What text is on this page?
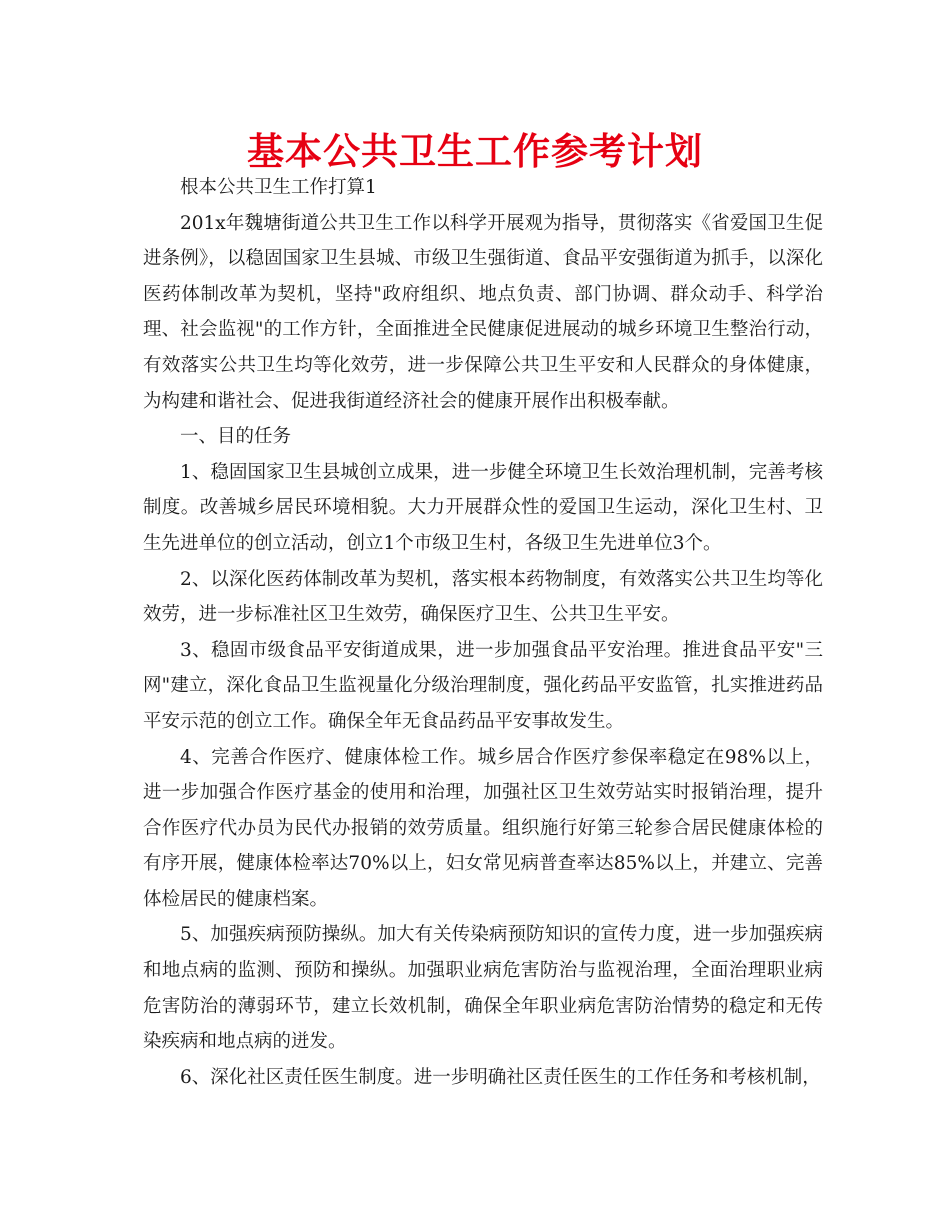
基本公共卫生工作参考计划

根本公共卫生工作打算1

201x年魏塘街道公共卫生工作以科学开展观为指导，贯彻落实《省爱国卫生促进条例》，以稳固国家卫生县城、市级卫生强街道、食品平安强街道为抓手，以深化医药体制改革为契机，坚持"政府组织、地点负责、部门协调、群众动手、科学治理、社会监视"的工作方针，全面推进全民健康促进展动的城乡环境卫生整治行动，有效落实公共卫生均等化效劳，进一步保障公共卫生平安和人民群众的身体健康，为构建和谐社会、促进我街道经济社会的健康开展作出积极奉献。

一、目的任务

1、稳固国家卫生县城创立成果，进一步健全环境卫生长效治理机制，完善考核制度。改善城乡居民环境相貌。大力开展群众性的爱国卫生运动，深化卫生村、卫生先进单位的创立活动，创立1个市级卫生村，各级卫生先进单位3个。

2、以深化医药体制改革为契机，落实根本药物制度，有效落实公共卫生均等化效劳，进一步标准社区卫生效劳，确保医疗卫生、公共卫生平安。

3、稳固市级食品平安街道成果，进一步加强食品平安治理。推进食品平安"三网"建立，深化食品卫生监视量化分级治理制度，强化药品平安监管，扎实推进药品平安示范的创立工作。确保全年无食品药品平安事故发生。

4、完善合作医疗、健康体检工作。城乡居合作医疗参保率稳定在98%以上，进一步加强合作医疗基金的使用和治理，加强社区卫生效劳站实时报销治理，提升合作医疗代办员为民代办报销的效劳质量。组织施行好第三轮参合居民健康体检的有序开展，健康体检率达70%以上，妇女常见病普查率达85%以上，并建立、完善体检居民的健康档案。

5、加强疾病预防操纵。加大有关传染病预防知识的宣传力度，进一步加强疾病和地点病的监测、预防和操纵。加强职业病危害防治与监视治理，全面治理职业病危害防治的薄弱环节，建立长效机制，确保全年职业病危害防治情势的稳定和无传染疾病和地点病的迸发。

6、深化社区责任医生制度。进一步明确社区责任医生的工作任务和考核机制，
